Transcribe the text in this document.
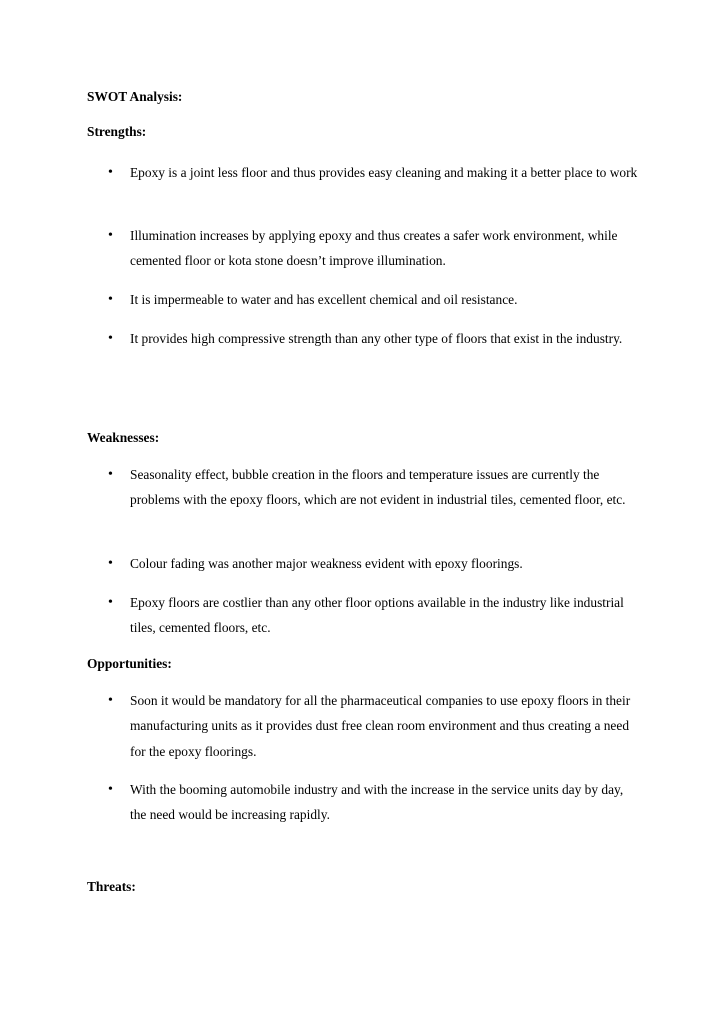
SWOT Analysis:
Strengths:
•	Epoxy is a joint less floor and thus provides easy cleaning and making it a better place to work
•	Illumination increases by applying epoxy and thus creates a safer work environment, while cemented floor or kota stone doesn’t improve illumination.
•	It is impermeable to water and has excellent chemical and oil resistance.
•	It provides high compressive strength than any other type of floors that exist in the industry.
Weaknesses:
•	Seasonality effect, bubble creation in the floors and temperature issues are currently the problems with the epoxy floors, which are not evident in industrial tiles, cemented floor, etc.
•	Colour fading was another major weakness evident with epoxy floorings.
•	Epoxy floors are costlier than any other floor options available in the industry like industrial tiles, cemented floors, etc.
Opportunities:
•	Soon it would be mandatory for all the pharmaceutical companies to use epoxy floors in their manufacturing units as it provides dust free clean room environment and thus creating a need for the epoxy floorings.
•	With the booming automobile industry and with the increase in the service units day by day, the need would be increasing rapidly.
Threats:
